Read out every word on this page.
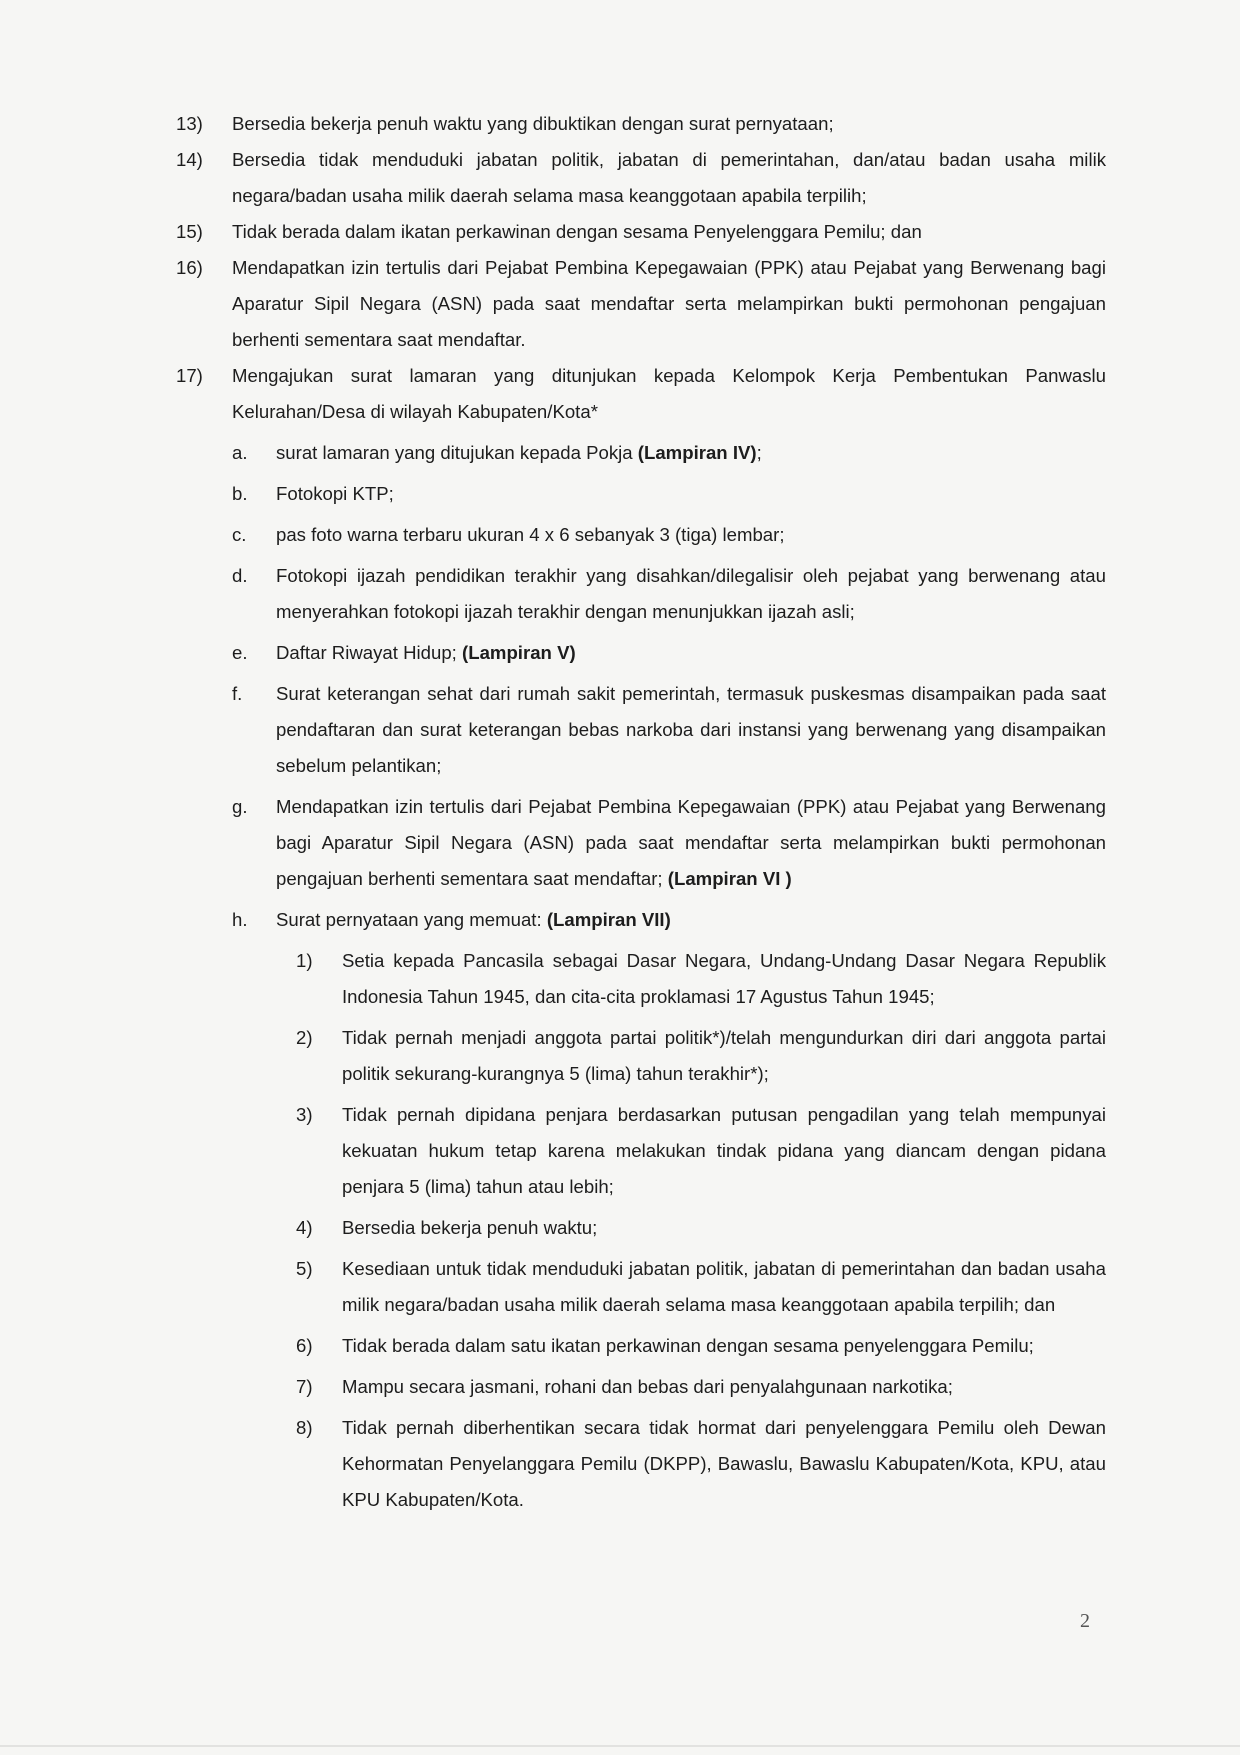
13)	Bersedia bekerja penuh waktu yang dibuktikan dengan surat pernyataan;
14)	Bersedia tidak menduduki jabatan politik, jabatan di pemerintahan, dan/atau badan usaha milik negara/badan usaha milik daerah selama masa keanggotaan apabila terpilih;
15)	Tidak berada dalam ikatan perkawinan dengan sesama Penyelenggara Pemilu; dan
16)	Mendapatkan izin tertulis dari Pejabat Pembina Kepegawaian (PPK) atau Pejabat yang Berwenang bagi Aparatur Sipil Negara (ASN) pada saat mendaftar serta melampirkan bukti permohonan pengajuan berhenti sementara saat mendaftar.
17)	Mengajukan surat lamaran yang ditunjukan kepada Kelompok Kerja Pembentukan Panwaslu Kelurahan/Desa di wilayah Kabupaten/Kota*
a.	surat lamaran yang ditujukan kepada Pokja (Lampiran IV);
b.	Fotokopi KTP;
c.	pas foto warna terbaru ukuran 4 x 6 sebanyak 3 (tiga) lembar;
d.	Fotokopi ijazah pendidikan terakhir yang disahkan/dilegalisir oleh pejabat yang berwenang atau menyerahkan fotokopi ijazah terakhir dengan menunjukkan ijazah asli;
e.	Daftar Riwayat Hidup; (Lampiran V)
f.	Surat keterangan sehat dari rumah sakit pemerintah, termasuk puskesmas disampaikan pada saat pendaftaran dan surat keterangan bebas narkoba dari instansi yang berwenang yang disampaikan sebelum pelantikan;
g.	Mendapatkan izin tertulis dari Pejabat Pembina Kepegawaian (PPK) atau Pejabat yang Berwenang bagi Aparatur Sipil Negara (ASN) pada saat mendaftar serta melampirkan bukti permohonan pengajuan berhenti sementara saat mendaftar; (Lampiran VI )
h.	Surat pernyataan yang memuat: (Lampiran VII)
1)	Setia kepada Pancasila sebagai Dasar Negara, Undang-Undang Dasar Negara Republik Indonesia Tahun 1945, dan cita-cita proklamasi 17 Agustus Tahun 1945;
2)	Tidak pernah menjadi anggota partai politik*)/telah mengundurkan diri dari anggota partai politik sekurang-kurangnya 5 (lima) tahun terakhir*);
3)	Tidak pernah dipidana penjara berdasarkan putusan pengadilan yang telah mempunyai kekuatan hukum tetap karena melakukan tindak pidana yang diancam dengan pidana penjara 5 (lima) tahun atau lebih;
4)	Bersedia bekerja penuh waktu;
5)	Kesediaan untuk tidak menduduki jabatan politik, jabatan di pemerintahan dan badan usaha milik negara/badan usaha milik daerah selama masa keanggotaan apabila terpilih; dan
6)	Tidak berada dalam satu ikatan perkawinan dengan sesama penyelenggara Pemilu;
7)	Mampu secara jasmani, rohani dan bebas dari penyalahgunaan narkotika;
8)	Tidak pernah diberhentikan secara tidak hormat dari penyelenggara Pemilu oleh Dewan Kehormatan Penyelanggara Pemilu (DKPP), Bawaslu, Bawaslu Kabupaten/Kota, KPU, atau KPU Kabupaten/Kota.
2
